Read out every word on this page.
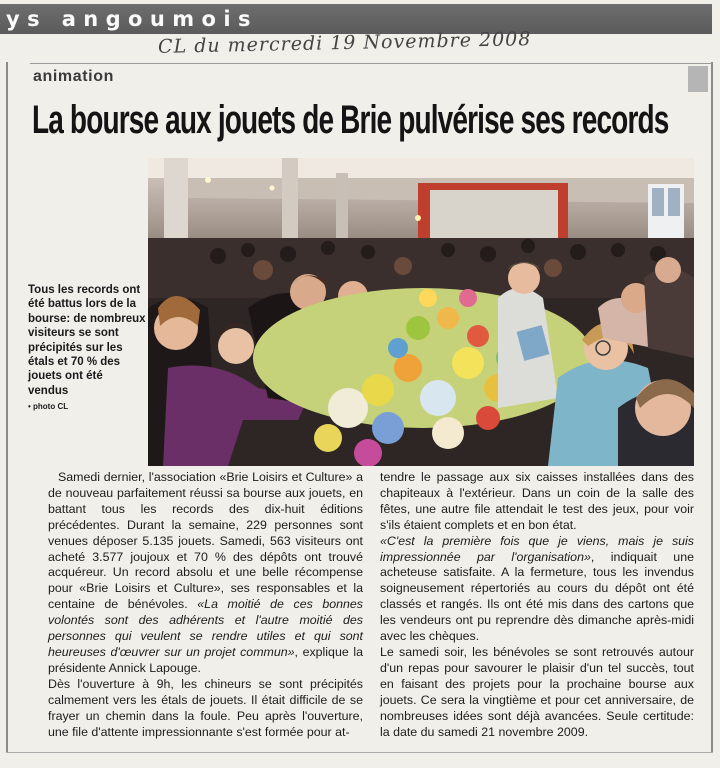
ys angoumois
CL du mercredi 19 Novembre 2008
animation
La bourse aux jouets de Brie pulvérise ses records
Tous les records ont été battus lors de la bourse: de nombreux visiteurs se sont précipités sur les étals et 70 % des jouets ont été vendus
• photo CL

Samedi dernier, l'association «Brie Loisirs et Culture» a de nouveau parfaitement réussi sa bourse aux jouets, en battant tous les records des dix-huit éditions précédentes. Durant la semaine, 229 personnes sont venues déposer 5.135 jouets. Samedi, 563 visiteurs ont acheté 3.577 joujoux et 70 % des dépôts ont trouvé acquéreur. Un record absolu et une belle récompense pour «Brie Loisirs et Culture», ses responsables et la centaine de bénévoles. «La moitié de ces bonnes volontés sont des adhérents et l'autre moitié des personnes qui veulent se rendre utiles et qui sont heureuses d'œuvrer sur un projet commun», explique la présidente Annick Lapouge.

Dès l'ouverture à 9h, les chineurs se sont précipités calmement vers les étals de jouets. Il était difficile de se frayer un chemin dans la foule. Peu après l'ouverture, une file d'attente impressionnante s'est formée pour at-

tendre le passage aux six caisses installées dans des chapiteaux à l'extérieur. Dans un coin de la salle des fêtes, une autre file attendait le test des jeux, pour voir s'ils étaient complets et en bon état.

«C'est la première fois que je viens, mais je suis impressionnée par l'organisation», indiquait une acheteuse satisfaite. A la fermeture, tous les invendus soigneusement répertoriés au cours du dépôt ont été classés et rangés. Ils ont été mis dans des cartons que les vendeurs ont pu reprendre dès dimanche après-midi avec les chèques.

Le samedi soir, les bénévoles se sont retrouvés autour d'un repas pour savourer le plaisir d'un tel succès, tout en faisant des projets pour la prochaine bourse aux jouets. Ce sera la vingtième et pour cet anniversaire, de nombreuses idées sont déjà avancées. Seule certitude: la date du samedi 21 novembre 2009.
